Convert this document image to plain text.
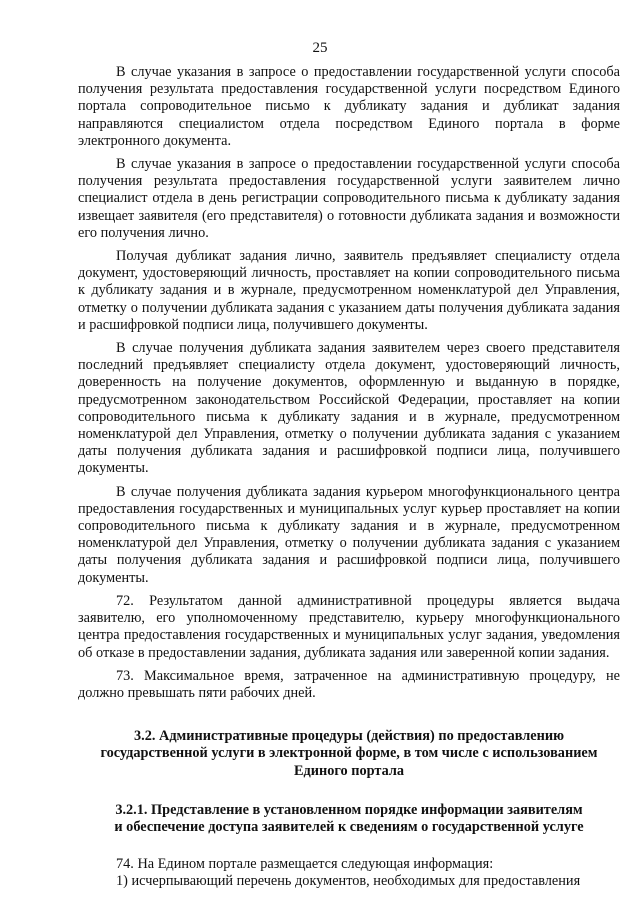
25

В случае указания в запросе о предоставлении государственной услуги способа получения результата предоставления государственной услуги посредством Единого портала сопроводительное письмо к дубликату задания и дубликат задания направляются специалистом отдела посредством Единого портала в форме электронного документа.

В случае указания в запросе о предоставлении государственной услуги способа получения результата предоставления государственной услуги заявителем лично специалист отдела в день регистрации сопроводительного письма к дубликату задания извещает заявителя (его представителя) о готовности дубликата задания и возможности его получения лично.

Получая дубликат задания лично, заявитель предъявляет специалисту отдела документ, удостоверяющий личность, проставляет на копии сопроводительного письма к дубликату задания и в журнале, предусмотренном номенклатурой дел Управления, отметку о получении дубликата задания с указанием даты получения дубликата задания и расшифровкой подписи лица, получившего документы.

В случае получения дубликата задания заявителем через своего представителя последний предъявляет специалисту отдела документ, удостоверяющий личность, доверенность на получение документов, оформленную и выданную в порядке, предусмотренном законодательством Российской Федерации, проставляет на копии сопроводительного письма к дубликату задания и в журнале, предусмотренном номенклатурой дел Управления, отметку о получении дубликата задания с указанием даты получения дубликата задания и расшифровкой подписи лица, получившего документы.

В случае получения дубликата задания курьером многофункционального центра предоставления государственных и муниципальных услуг курьер проставляет на копии сопроводительного письма к дубликату задания и в журнале, предусмотренном номенклатурой дел Управления, отметку о получении дубликата задания с указанием даты получения дубликата задания и расшифровкой подписи лица, получившего документы.

72. Результатом данной административной процедуры является выдача заявителю, его уполномоченному представителю, курьеру многофункционального центра предоставления государственных и муниципальных услуг задания, уведомления об отказе в предоставлении задания, дубликата задания или заверенной копии задания.

73. Максимальное время, затраченное на административную процедуру, не должно превышать пяти рабочих дней.

3.2. Административные процедуры (действия) по предоставлению
государственной услуги в электронной форме, в том числе с использованием
Единого портала

3.2.1. Представление в установленном порядке информации заявителям
и обеспечение доступа заявителей к сведениям о государственной услуге

74. На Едином портале размещается следующая информация:

1) исчерпывающий перечень документов, необходимых для предоставления
